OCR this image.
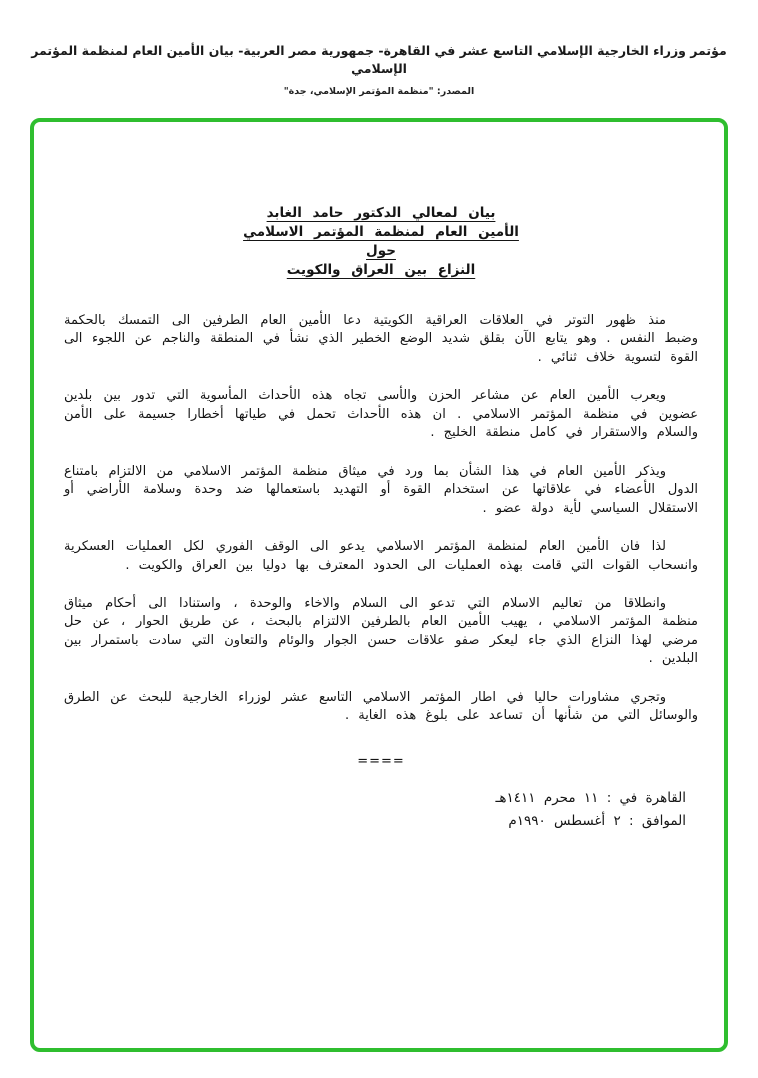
مؤتمر وزراء الخارجية الإسلامي التاسع عشر في القاهرة- جمهورية مصر العربية- بيان الأمين العام لمنظمة المؤتمر الإسلامي
المصدر: "منظمة المؤتمر الإسلامي، جدة"
بيان لمعالي الدكتور حامد الغابد
الأمين العام لمنظمة المؤتمر الاسلامي
حول
النزاع بين العراق والكويت

منذ ظهور التوتر في العلاقات العراقية الكويتية دعا الأمين العام الطرفين الى التمسك بالحكمة وضبط النفس . وهو يتابع الآن بقلق شديد الوضع الخطير الذي نشأ في المنطقة والناجم عن اللجوء الى القوة لتسوية خلاف ثنائي .

ويعرب الأمين العام عن مشاعر الحزن والأسى تجاه هذه الأحداث المأسوية التي تدور بين بلدين عضوين في منظمة المؤتمر الاسلامي . ان هذه الأحداث تحمل في طياتها أخطارا جسيمة على الأمن والسلام والاستقرار في كامل منطقة الخليج .

ويذكر الأمين العام في هذا الشأن بما ورد في ميثاق منظمة المؤتمر الاسلامي من الالتزام بامتناع الدول الأعضاء في علاقاتها عن استخدام القوة أو التهديد باستعمالها ضد وحدة وسلامة الأراضي أو الاستقلال السياسي لأية دولة عضو .

لذا فان الأمين العام لمنظمة المؤتمر الاسلامي يدعو الى الوقف الفوري لكل العمليات العسكرية وانسحاب القوات التي قامت بهذه العمليات الى الحدود المعترف بها دوليا بين العراق والكويت .

وانطلاقا من تعاليم الاسلام التي تدعو الى السلام والاخاء والوحدة ، واستنادا الى أحكام ميثاق منظمة المؤتمر الاسلامي ، يهيب الأمين العام بالطرفين الالتزام بالبحث ، عن طريق الحوار ، عن حل مرضي لهذا النزاع الذي جاء ليعكر صفو علاقات حسن الجوار والوئام والتعاون التي سادت باستمرار بين البلدين .

وتجري مشاورات حاليا في اطار المؤتمر الاسلامي التاسع عشر لوزراء الخارجية للبحث عن الطرق والوسائل التي من شأنها أن تساعد على بلوغ هذه الغاية .

====
القاهرة في : ١١ محرم ١٤١١هـ
الموافق : ٢ أغسطس ١٩٩٠م
